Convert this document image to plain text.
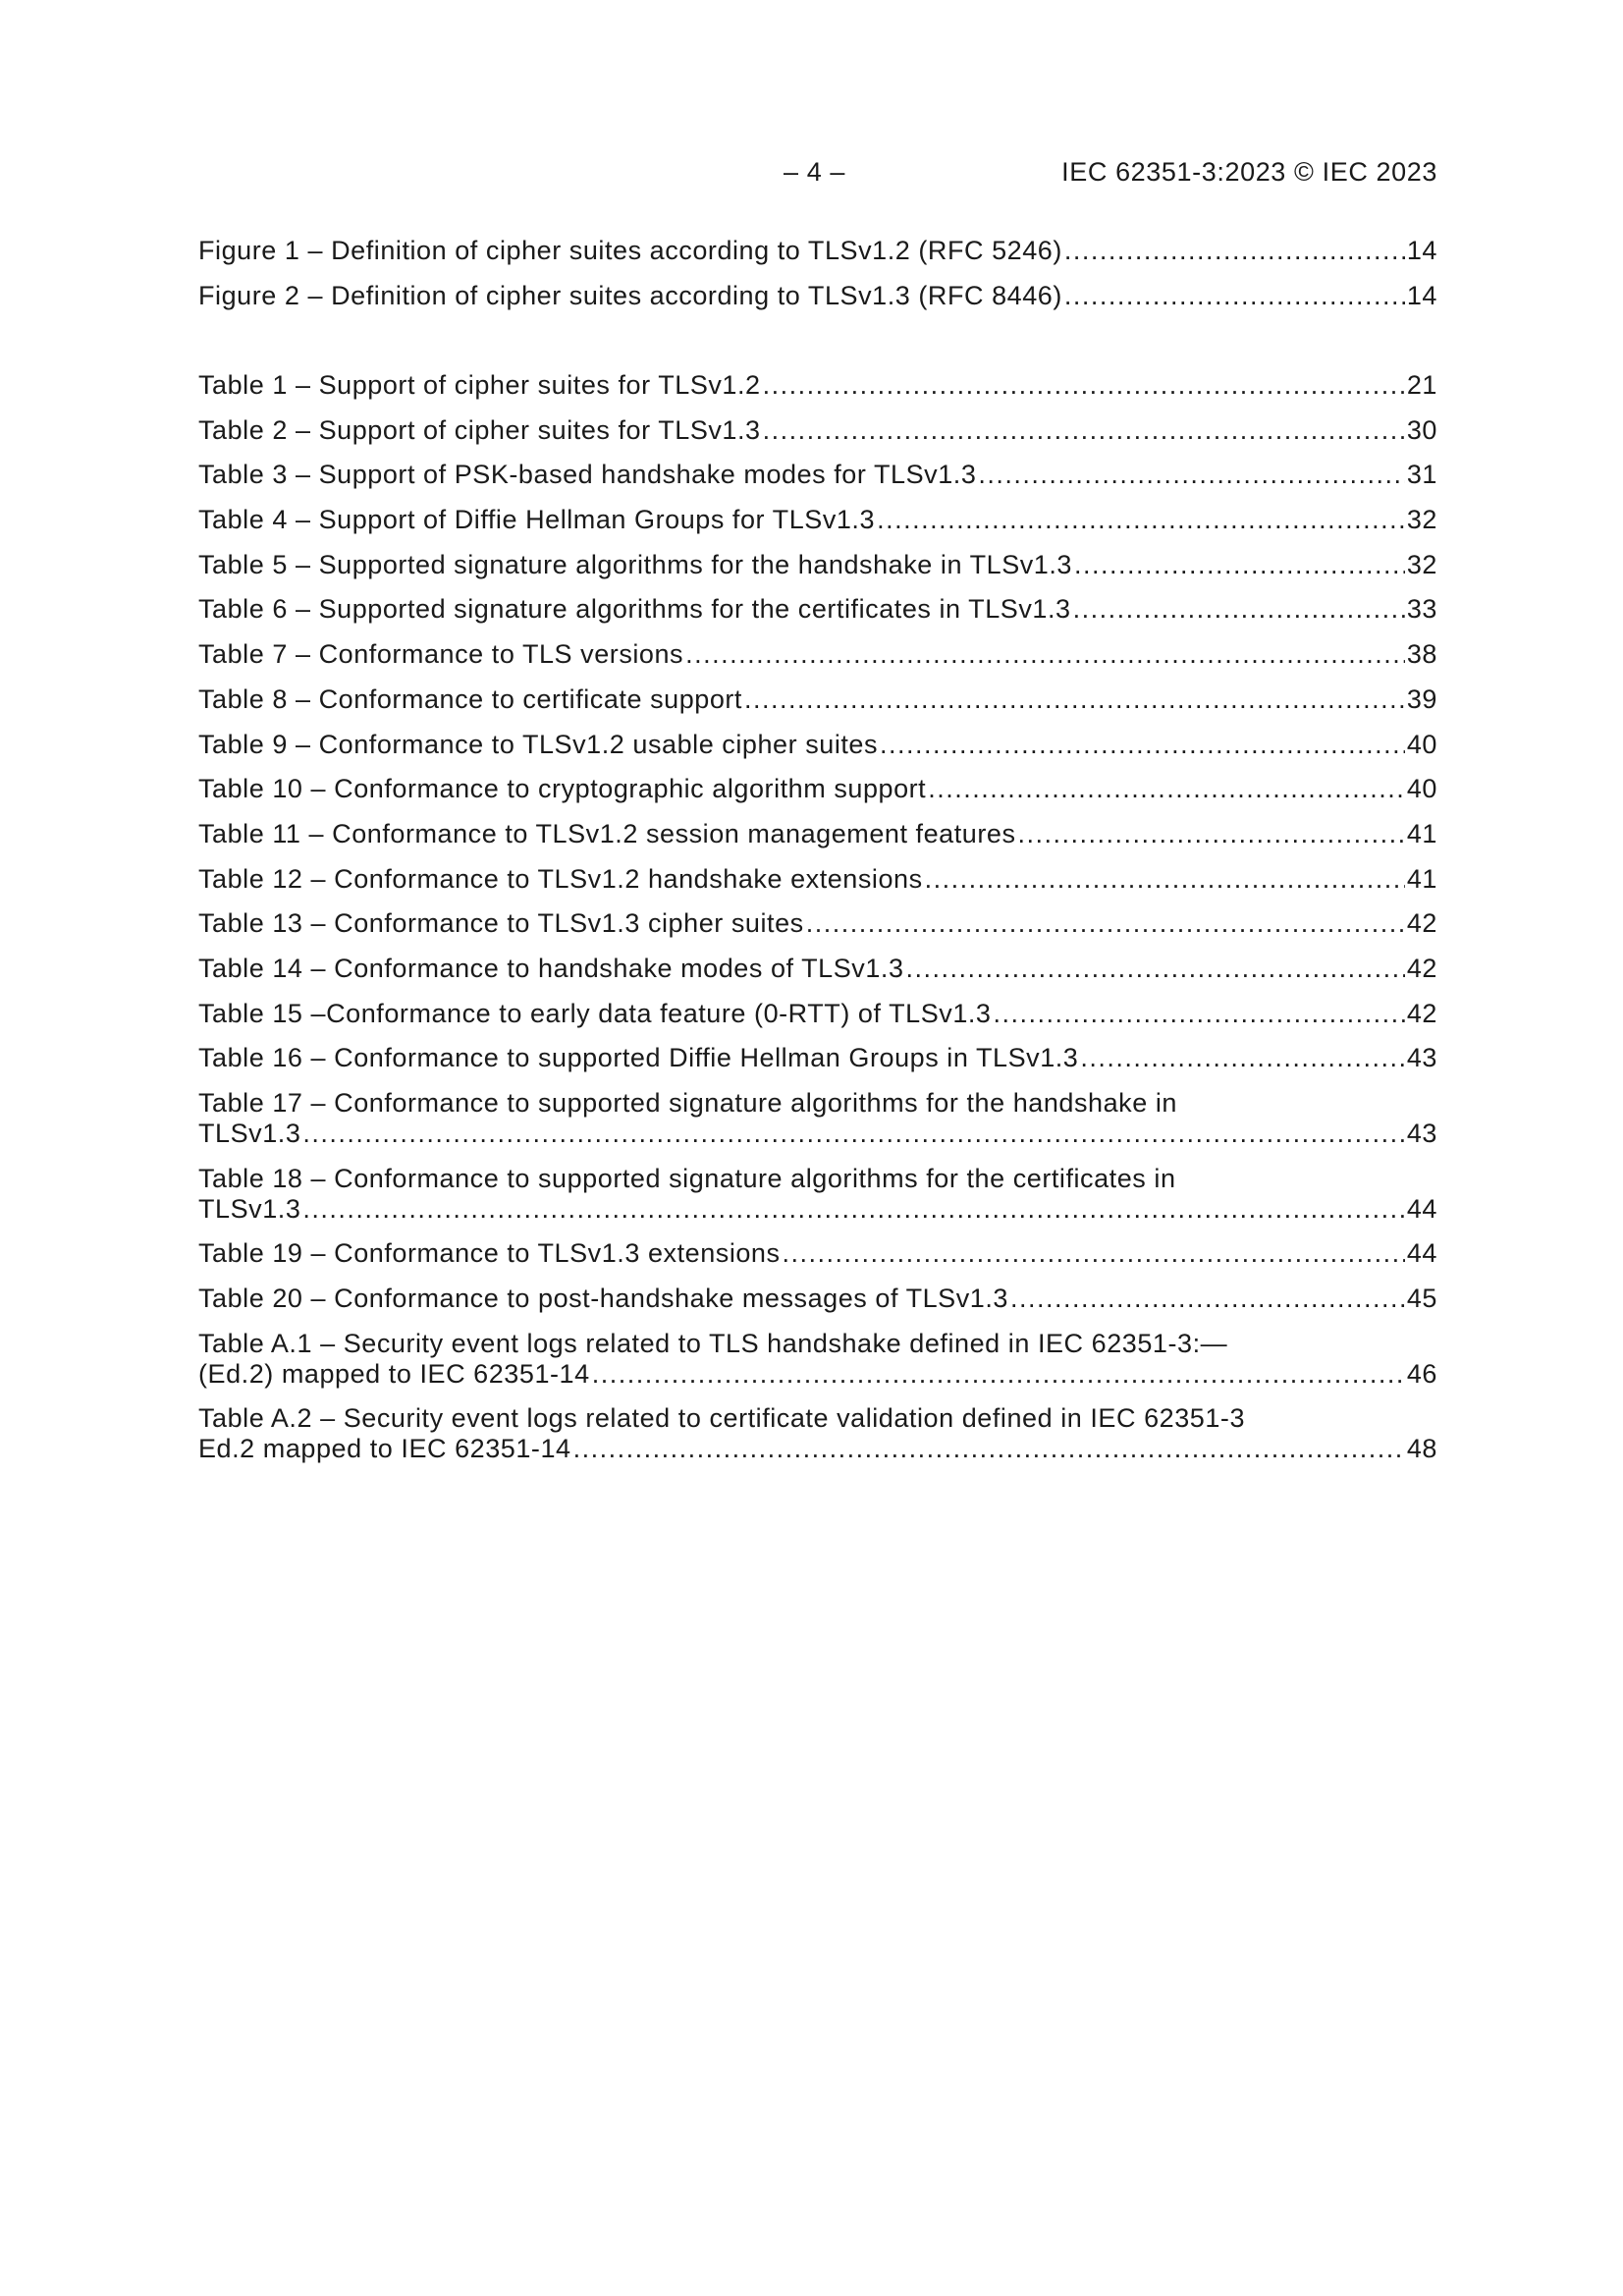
– 4 –	IEC 62351-3:2023 © IEC 2023
Figure 1 – Definition of cipher suites according to TLSv1.2 (RFC 5246) .....	14
Figure 2 – Definition of cipher suites according to TLSv1.3 (RFC 8446) .....	14
Table 1 – Support of cipher suites for TLSv1.2 .....	21
Table 2 – Support of cipher suites for TLSv1.3 .....	30
Table 3 – Support of PSK-based handshake modes for TLSv1.3 .....	31
Table 4 – Support of Diffie Hellman Groups for TLSv1.3 .....	32
Table 5 – Supported signature algorithms for the handshake in TLSv1.3 .....	32
Table 6 – Supported signature algorithms for the certificates in TLSv1.3 .....	33
Table 7 – Conformance to TLS versions .....	38
Table 8 – Conformance to certificate support .....	39
Table 9 – Conformance to TLSv1.2 usable cipher suites .....	40
Table 10 – Conformance to cryptographic algorithm support .....	40
Table 11 – Conformance to TLSv1.2 session management features .....	41
Table 12 – Conformance to TLSv1.2 handshake extensions .....	41
Table 13 – Conformance to TLSv1.3 cipher suites .....	42
Table 14 – Conformance to handshake modes of TLSv1.3 .....	42
Table 15 –Conformance to early data feature (0-RTT) of TLSv1.3 .....	42
Table 16 – Conformance to supported Diffie Hellman Groups in TLSv1.3 .....	43
Table 17 – Conformance to supported signature algorithms for the handshake in
TLSv1.3 .....	43
Table 18 – Conformance to supported signature algorithms for the certificates in
TLSv1.3 .....	44
Table 19 – Conformance to TLSv1.3 extensions .....	44
Table 20 – Conformance to post-handshake messages of TLSv1.3 .....	45
Table A.1 – Security event logs related to TLS handshake defined in IEC 62351-3:—
(Ed.2) mapped to IEC 62351-14 .....	46
Table A.2 – Security event logs related to certificate validation defined in IEC 62351-3
Ed.2 mapped to IEC 62351-14 .....	48
